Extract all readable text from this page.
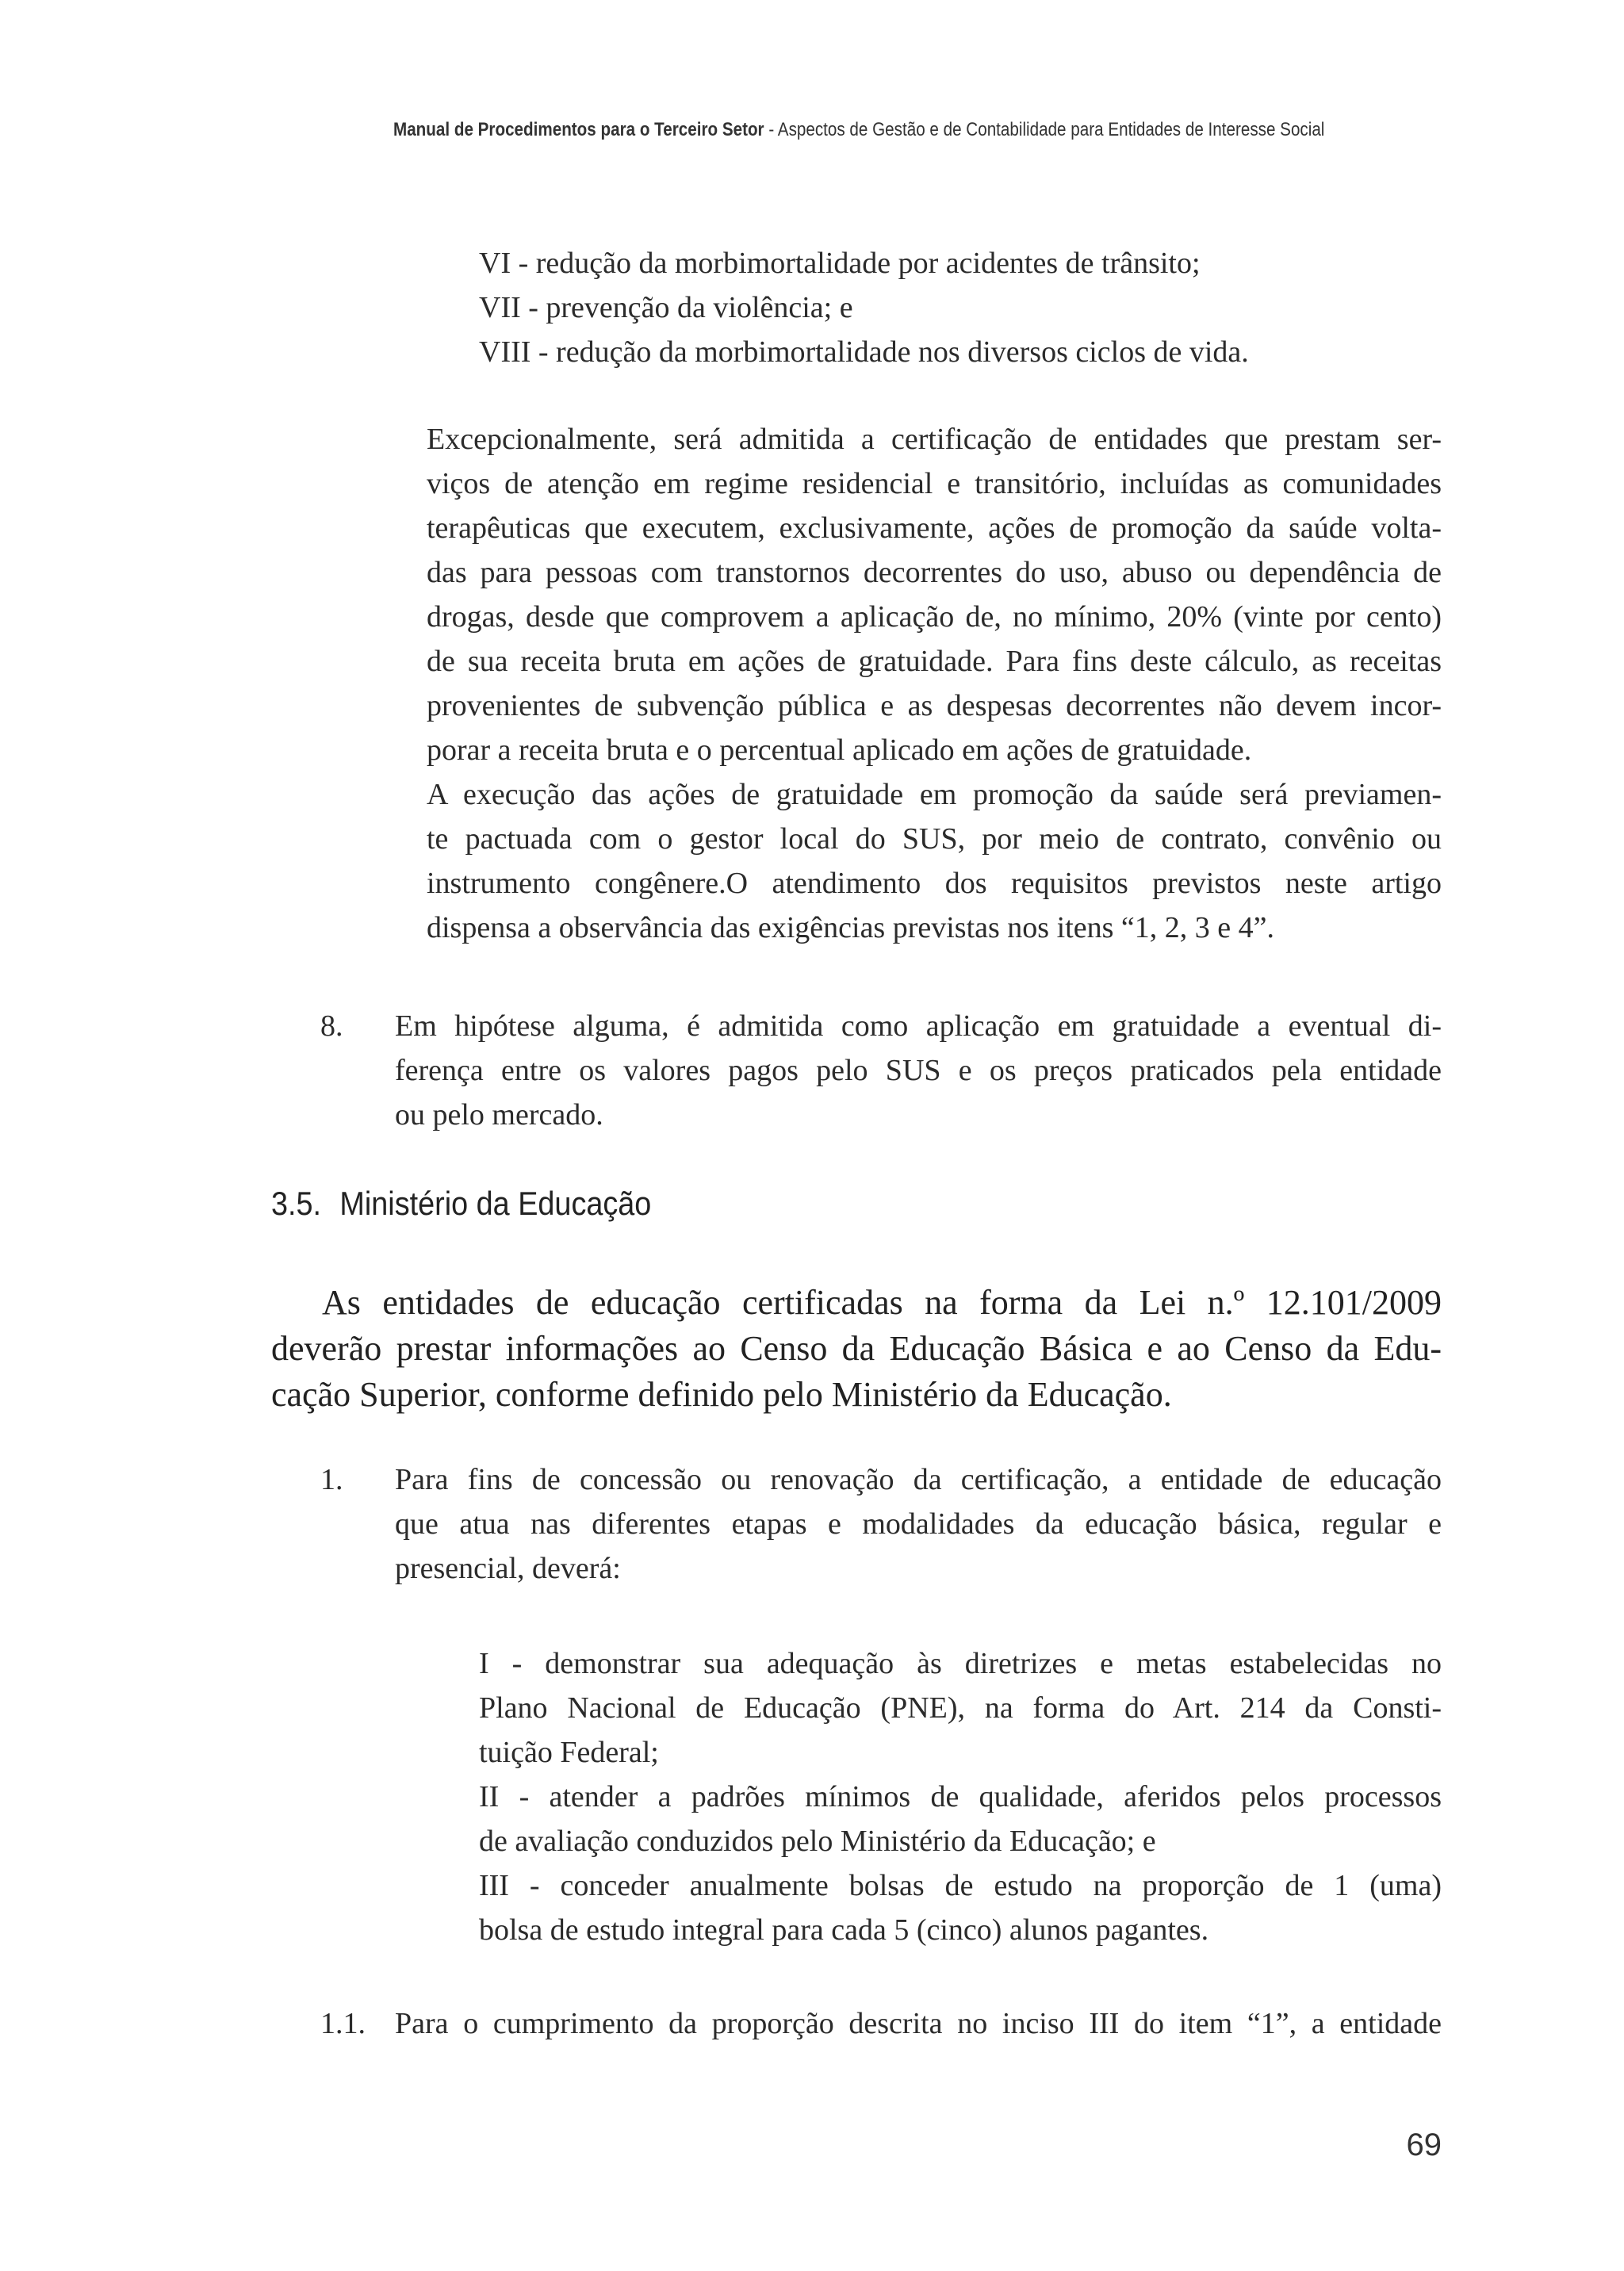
Manual de Procedimentos para o Terceiro Setor - Aspectos de Gestão e de Contabilidade para Entidades de Interesse Social
VI - redução da morbimortalidade por acidentes de trânsito;
VII - prevenção da violência; e
VIII - redução da morbimortalidade nos diversos ciclos de vida.
Excepcionalmente, será admitida a certificação de entidades que prestam ser-
viços de atenção em regime residencial e transitório, incluídas as comunidades
terapêuticas que executem, exclusivamente, ações de promoção da saúde volta-
das para pessoas com transtornos decorrentes do uso, abuso ou dependência de
drogas, desde que comprovem a aplicação de, no mínimo, 20% (vinte por cento)
de sua receita bruta em ações de gratuidade. Para fins deste cálculo, as receitas
provenientes de subvenção pública e as despesas decorrentes não devem incor-
porar a receita bruta e o percentual aplicado em ações de gratuidade.
A execução das ações de gratuidade em promoção da saúde será previamen-
te pactuada com o gestor local do SUS, por meio de contrato, convênio ou
instrumento congênere.O atendimento dos requisitos previstos neste artigo
dispensa a observância das exigências previstas nos itens “1, 2, 3 e 4”.
8. Em hipótese alguma, é admitida como aplicação em gratuidade a eventual di-
ferença entre os valores pagos pelo SUS e os preços praticados pela entidade
ou pelo mercado.
3.5. Ministério da Educação
As entidades de educação certificadas na forma da Lei n.º 12.101/2009
deverão prestar informações ao Censo da Educação Básica e ao Censo da Edu-
cação Superior, conforme definido pelo Ministério da Educação.
1. Para fins de concessão ou renovação da certificação, a entidade de educação
que atua nas diferentes etapas e modalidades da educação básica, regular e
presencial, deverá:
I - demonstrar sua adequação às diretrizes e metas estabelecidas no
Plano Nacional de Educação (PNE), na forma do Art. 214 da Consti-
tuição Federal;
II - atender a padrões mínimos de qualidade, aferidos pelos processos
de avaliação conduzidos pelo Ministério da Educação; e
III - conceder anualmente bolsas de estudo na proporção de 1 (uma)
bolsa de estudo integral para cada 5 (cinco) alunos pagantes.
1.1. Para o cumprimento da proporção descrita no inciso III do item “1”, a entidade
69
